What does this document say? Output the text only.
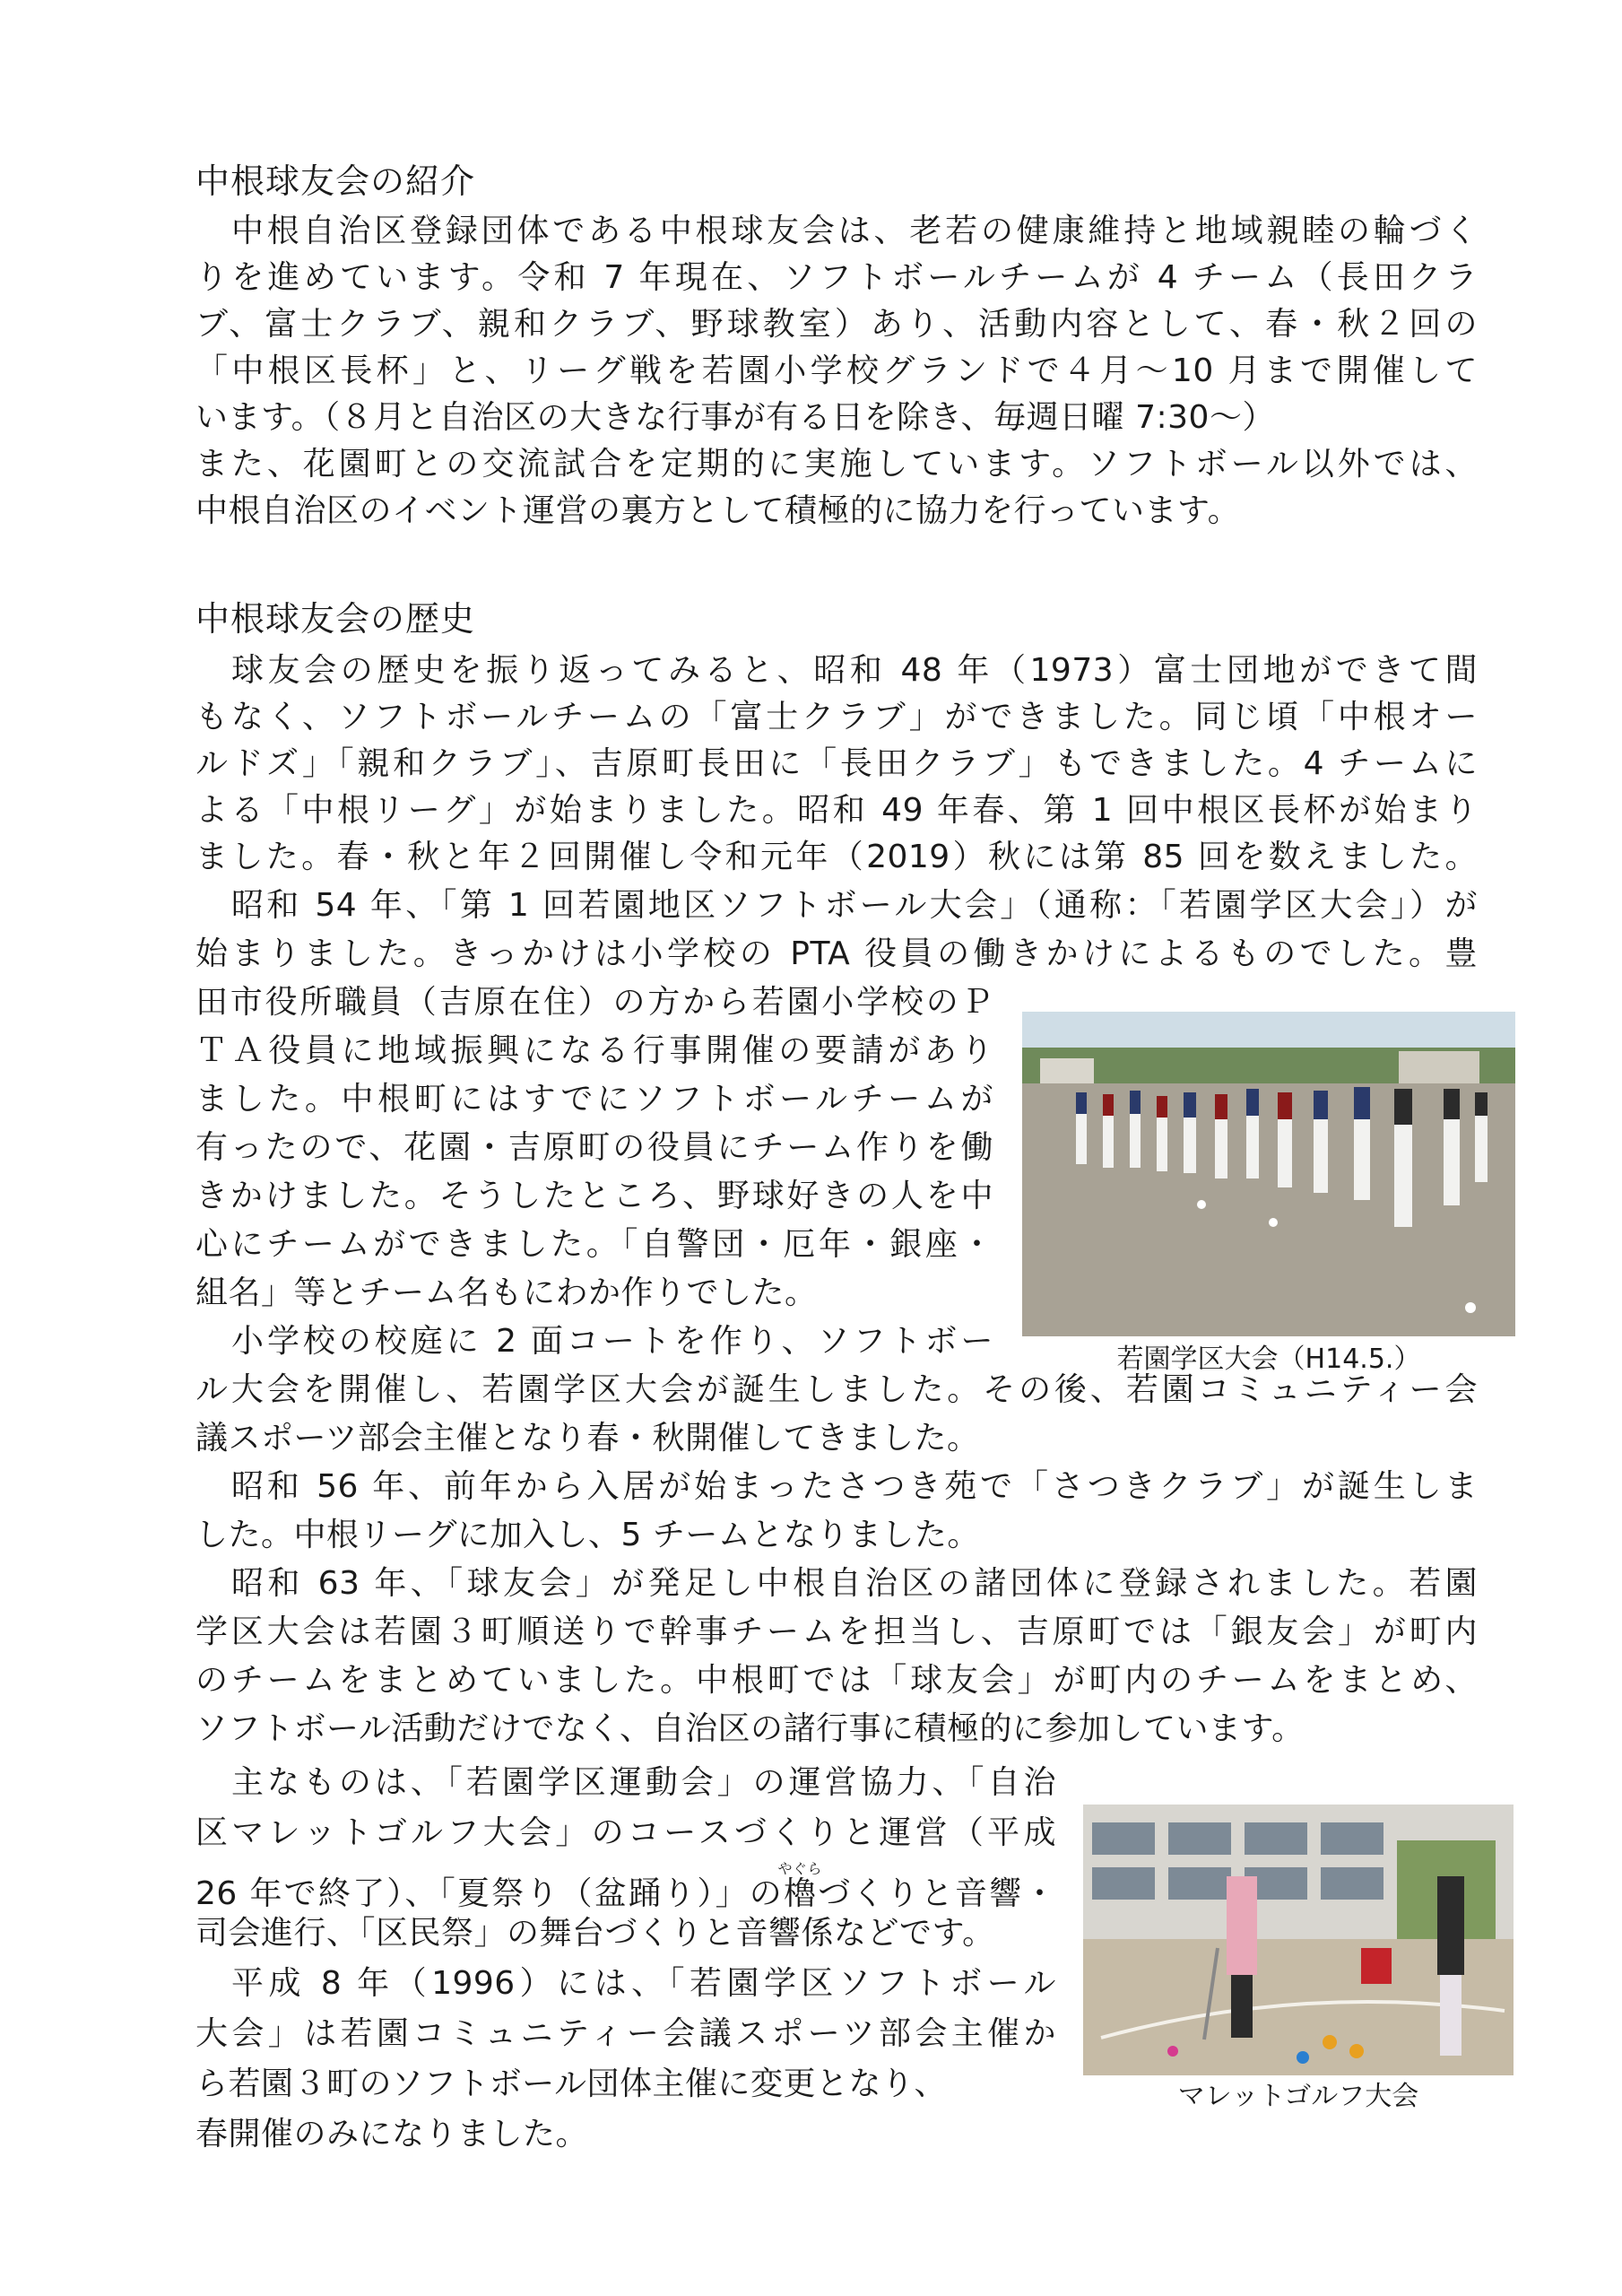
中根球友会の紹介

中根自治区登録団体である中根球友会は、老若の健康維持と地域親睦の輪づく

りを進めています。令和 7 年現在、ソフトボールチームが 4 チーム（長田クラ

ブ、富士クラブ、親和クラブ、野球教室）あり、活動内容として、春・秋２回の

「中根区長杯」と、リーグ戦を若園小学校グランドで４月～10 月まで開催して

います。（８月と自治区の大きな行事が有る日を除き、毎週日曜 7:30～）

また、花園町との交流試合を定期的に実施しています。ソフトボール以外では、

中根自治区のイベント運営の裏方として積極的に協力を行っています。

中根球友会の歴史

球友会の歴史を振り返ってみると、昭和 48 年（1973）富士団地ができて間

もなく、ソフトボールチームの「富士クラブ」ができました。同じ頃「中根オー

ルドズ」「親和クラブ」、吉原町長田に「長田クラブ」もできました。4 チームに

よる「中根リーグ」が始まりました。昭和 49 年春、第 1 回中根区長杯が始まり

ました。春・秋と年２回開催し令和元年（2019）秋には第 85 回を数えました。

昭和 54 年、「第 1 回若園地区ソフトボール大会」（通称：「若園学区大会」）が

始まりました。きっかけは小学校の PTA 役員の働きかけによるものでした。豊

田市役所職員（吉原在住）の方から若園小学校のＰ

ＴＡ役員に地域振興になる行事開催の要請があり

ました。中根町にはすでにソフトボールチームが

有ったので、花園・吉原町の役員にチーム作りを働

きかけました。そうしたところ、野球好きの人を中

心にチームができました。「自警団・厄年・銀座・

組名」等とチーム名もにわか作りでした。

小学校の校庭に 2 面コートを作り、ソフトボー

ル大会を開催し、若園学区大会が誕生しました。その後、若園コミュニティー会

議スポーツ部会主催となり春・秋開催してきました。

昭和 56 年、前年から入居が始まったさつき苑で「さつきクラブ」が誕生しま

した。中根リーグに加入し、5 チームとなりました。

昭和 63 年、「球友会」が発足し中根自治区の諸団体に登録されました。若園

学区大会は若園３町順送りで幹事チームを担当し、吉原町では「銀友会」が町内

のチームをまとめていました。中根町では「球友会」が町内のチームをまとめ、

ソフトボール活動だけでなく、自治区の諸行事に積極的に参加しています。

主なものは、「若園学区運動会」の運営協力、「自治

区マレットゴルフ大会」のコースづくりと運営（平成

26 年で終了）、「夏祭り（盆踊り）」の櫓やぐらづくりと音響・

司会進行、「区民祭」の舞台づくりと音響係などです。

平成 8 年（1996）には、「若園学区ソフトボール

大会」は若園コミュニティー会議スポーツ部会主催か

ら若園３町のソフトボール団体主催に変更となり、

春開催のみになりました。

若園学区大会（H14.5.）

マレットゴルフ大会
